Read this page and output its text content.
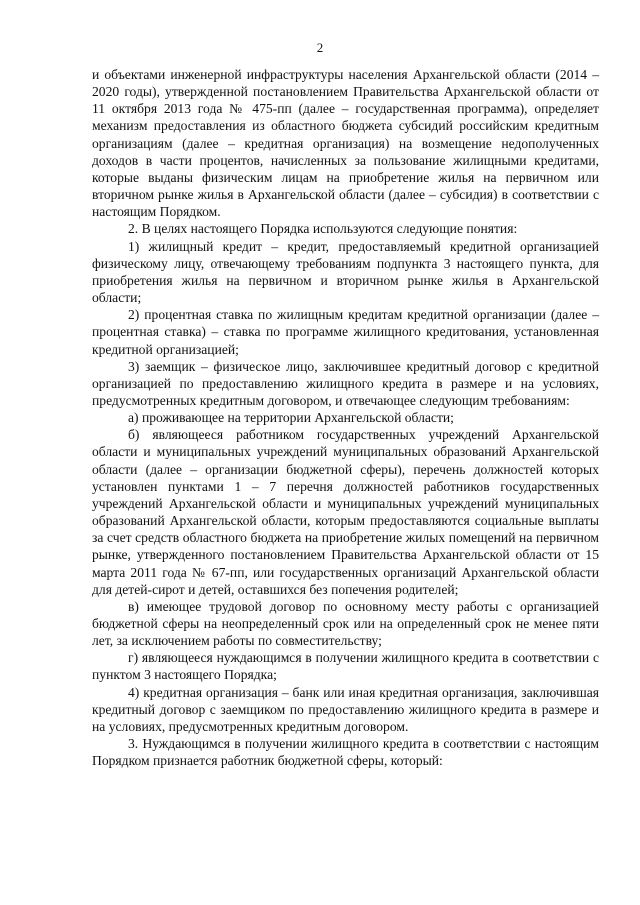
2

и объектами инженерной инфраструктуры населения Архангельской области (2014 – 2020 годы), утвержденной постановлением Правительства Архангельской области от 11 октября 2013 года № 475-пп (далее – государственная программа), определяет механизм предоставления из областного бюджета субсидий российским кредитным организациям (далее – кредитная организация) на возмещение недополученных доходов в части процентов, начисленных за пользование жилищными кредитами, которые выданы физическим лицам на приобретение жилья на первичном или вторичном рынке жилья в Архангельской области (далее – субсидия) в соответствии с настоящим Порядком.

2. В целях настоящего Порядка используются следующие понятия:

1) жилищный кредит – кредит, предоставляемый кредитной организацией физическому лицу, отвечающему требованиям подпункта 3 настоящего пункта, для приобретения жилья на первичном и вторичном рынке жилья в Архангельской области;

2) процентная ставка по жилищным кредитам кредитной организации (далее – процентная ставка) – ставка по программе жилищного кредитования, установленная кредитной организацией;

3) заемщик – физическое лицо, заключившее кредитный договор с кредитной организацией по предоставлению жилищного кредита в размере и на условиях, предусмотренных кредитным договором, и отвечающее следующим требованиям:

а) проживающее на территории Архангельской области;

б) являющееся работником государственных учреждений Архангельской области и муниципальных учреждений муниципальных образований Архангельской области (далее – организации бюджетной сферы), перечень должностей которых установлен пунктами 1 – 7 перечня должностей работников государственных учреждений Архангельской области и муниципальных учреждений муниципальных образований Архангельской области, которым предоставляются социальные выплаты за счет средств областного бюджета на приобретение жилых помещений на первичном рынке, утвержденного постановлением Правительства Архангельской области от 15 марта 2011 года № 67-пп, или государственных организаций Архангельской области для детей-сирот и детей, оставшихся без попечения родителей;

в) имеющее трудовой договор по основному месту работы с организацией бюджетной сферы на неопределенный срок или на определенный срок не менее пяти лет, за исключением работы по совместительству;

г) являющееся нуждающимся в получении жилищного кредита в соответствии с пунктом 3 настоящего Порядка;

4) кредитная организация – банк или иная кредитная организация, заключившая кредитный договор с заемщиком по предоставлению жилищного кредита в размере и на условиях, предусмотренных кредитным договором.

3. Нуждающимся в получении жилищного кредита в соответствии с настоящим Порядком признается работник бюджетной сферы, который:
